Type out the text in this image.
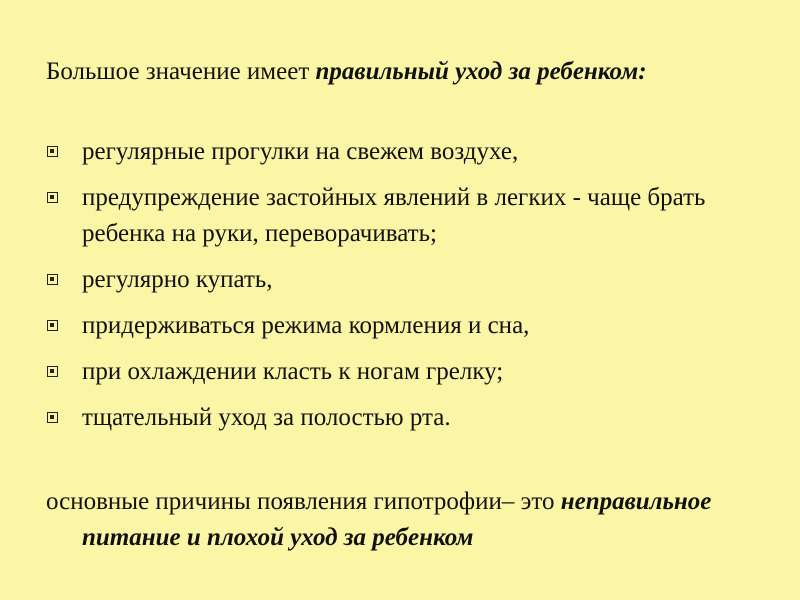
Большое значение имеет правильный уход за ребенком:

регулярные прогулки на свежем воздухе,
предупреждение застойных явлений в легких - чаще брать ребенка на руки, переворачивать;
регулярно купать,
придерживаться режима кормления и сна,
при охлаждении класть к ногам грелку;
тщательный уход за полостью рта.

основные причины появления гипотрофии– это неправильное питание и плохой уход за ребенком
